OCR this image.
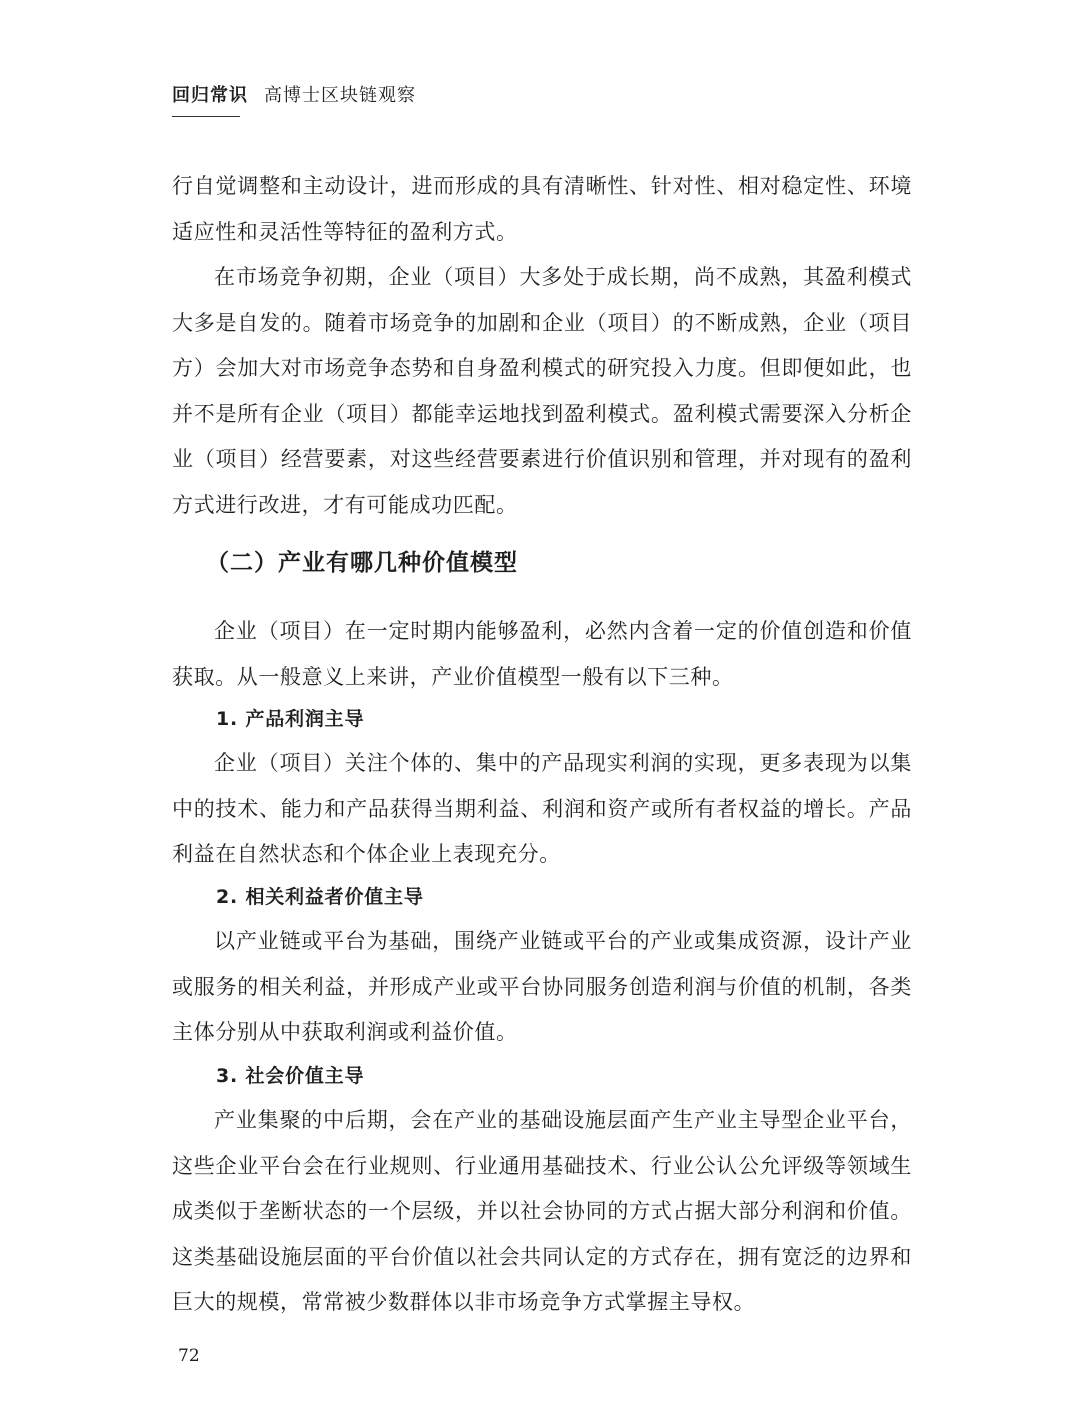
回归常识 高博士区块链观察

行自觉调整和主动设计，进而形成的具有清晰性、针对性、相对稳定性、环境适应性和灵活性等特征的盈利方式。

在市场竞争初期，企业（项目）大多处于成长期，尚不成熟，其盈利模式大多是自发的。随着市场竞争的加剧和企业（项目）的不断成熟，企业（项目方）会加大对市场竞争态势和自身盈利模式的研究投入力度。但即便如此，也并不是所有企业（项目）都能幸运地找到盈利模式。盈利模式需要深入分析企业（项目）经营要素，对这些经营要素进行价值识别和管理，并对现有的盈利方式进行改进，才有可能成功匹配。

（二）产业有哪几种价值模型

企业（项目）在一定时期内能够盈利，必然内含着一定的价值创造和价值获取。从一般意义上来讲，产业价值模型一般有以下三种。

1. 产品利润主导

企业（项目）关注个体的、集中的产品现实利润的实现，更多表现为以集中的技术、能力和产品获得当期利益、利润和资产或所有者权益的增长。产品利益在自然状态和个体企业上表现充分。

2. 相关利益者价值主导

以产业链或平台为基础，围绕产业链或平台的产业或集成资源，设计产业或服务的相关利益，并形成产业或平台协同服务创造利润与价值的机制，各类主体分别从中获取利润或利益价值。

3. 社会价值主导

产业集聚的中后期，会在产业的基础设施层面产生产业主导型企业平台，这些企业平台会在行业规则、行业通用基础技术、行业公认公允评级等领域生成类似于垄断状态的一个层级，并以社会协同的方式占据大部分利润和价值。这类基础设施层面的平台价值以社会共同认定的方式存在，拥有宽泛的边界和巨大的规模，常常被少数群体以非市场竞争方式掌握主导权。

72
